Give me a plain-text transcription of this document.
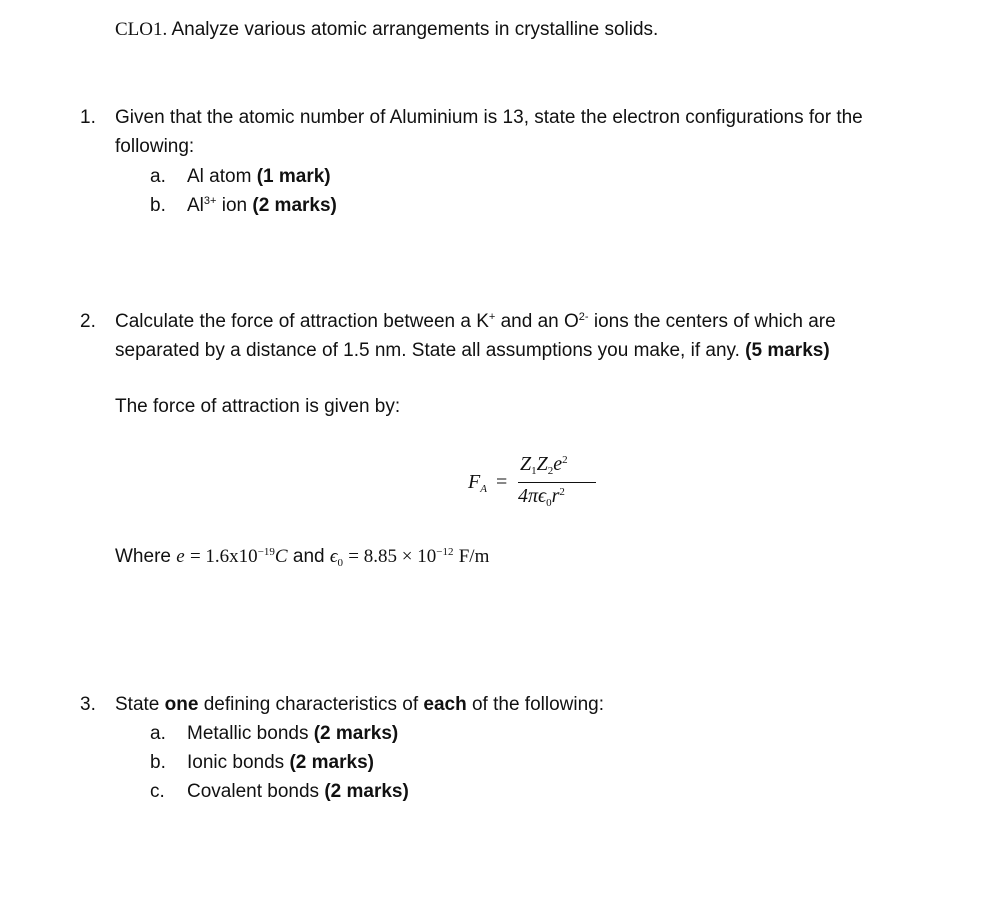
CLO1. Analyze various atomic arrangements in crystalline solids.
1. Given that the atomic number of Aluminium is 13, state the electron configurations for the
following:
a. Al atom (1 mark)
b. $Al^{3+}$ ion (2 marks)
2. Calculate the force of attraction between a K+ and an $O^{2-}$ ions the centers of which are
separated by a distance of 1.5 nm. State all assumptions you make, if any. (5 marks)
The force of attraction is given by:
$F_A$ =
$Z_1Z_2e^2$
$4\pi\epsilon_0r^2$
Where $e = 1.6x10^{-19}C$ and $\epsilon_0 = 8.85 \times 10^{-12}$ F/m
3. State one defining characteristics of each of the following:
a. Metallic bonds (2 marks)
b. Ionic bonds (2 marks)
c. Covalent bonds (2 marks)
